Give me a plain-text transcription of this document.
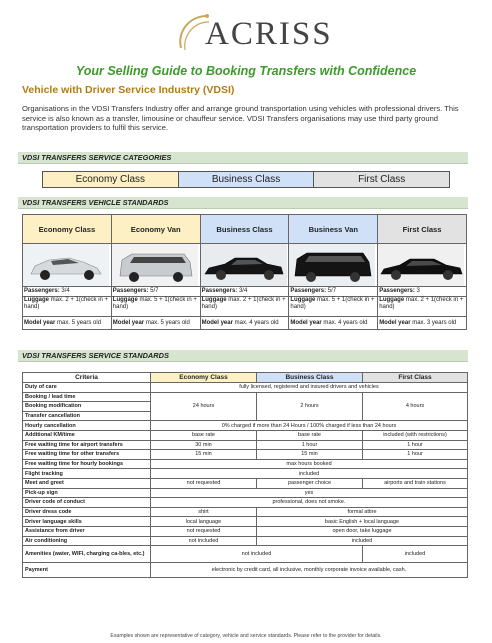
ACRISS
Your Selling Guide to Booking Transfers with Confidence
Vehicle with Driver Service Industry (VDSI)
Organisations in the VDSI Transfers Industry offer and arrange ground transportation using vehicles with professional drivers. This service is also known as a transfer, limousine or chauffeur service. VDSI Transfers organisations may use third party ground transportation providers to fulfil this service.
VDSI TRANSFERS SERVICE CATEGORIES
Economy Class	Business Class	First Class
VDSI TRANSFERS VEHICLE STANDARDS
Economy Class	Economy Van	Business Class	Business Van	First Class

Passengers: 3/4	Passengers: 5/7	Passengers: 3/4	Passengers: 5/7	Passengers: 3
Luggage max. 2 + 1(check in + hand)	Luggage max. 5 + 1(check in + hand)	Luggage max. 2 + 1(check in + hand)	Luggage max. 5 + 1(check in + hand)	Luggage max. 2 + 1(check in + hand)
Model year max. 5 years old	Model year max. 5 years old	Model year max. 4 years old	Model year max. 4 years old	Model year max. 3 years old
VDSI TRANSFERS SERVICE STANDARDS
Criteria	Economy Class	Business Class	First Class
Duty of care	fully licensed, registered and insured drivers and vehicles		
Booking / lead time	24 hours	2 hours	4 hours
Booking modification			
Transfer cancellation			
Hourly cancellation	0% charged if more than 24 Hours / 100% charged if less than 24 hours		
Additional KM/time	base rate	base rate	included (with restrictions)
Free waiting time for airport transfers	30 min	1 hour	1 hour
Free waiting time for other transfers	15 min	15 min	1 hour
Free waiting time for hourly bookings	max hours booked		
Flight tracking	included		
Meet and greet	not requested	passenger choice	airports and train stations
Pick-up sign	yes		
Driver code of conduct	professional, does not smoke.		
Driver dress code	shirt	formal attire	
Driver language skills	local language	basic English + local language	
Assistance from driver	not requested	open door, take luggage	
Air conditioning	not included	included	
Amenities (water, WIFI, charging ca-bles, etc.)	not included		included
Payment	electronic by credit card, all inclusive, monthly corporate invoice available, cash.		
Examples shown are representative of category, vehicle and service standards. Please refer to the provider for details.
